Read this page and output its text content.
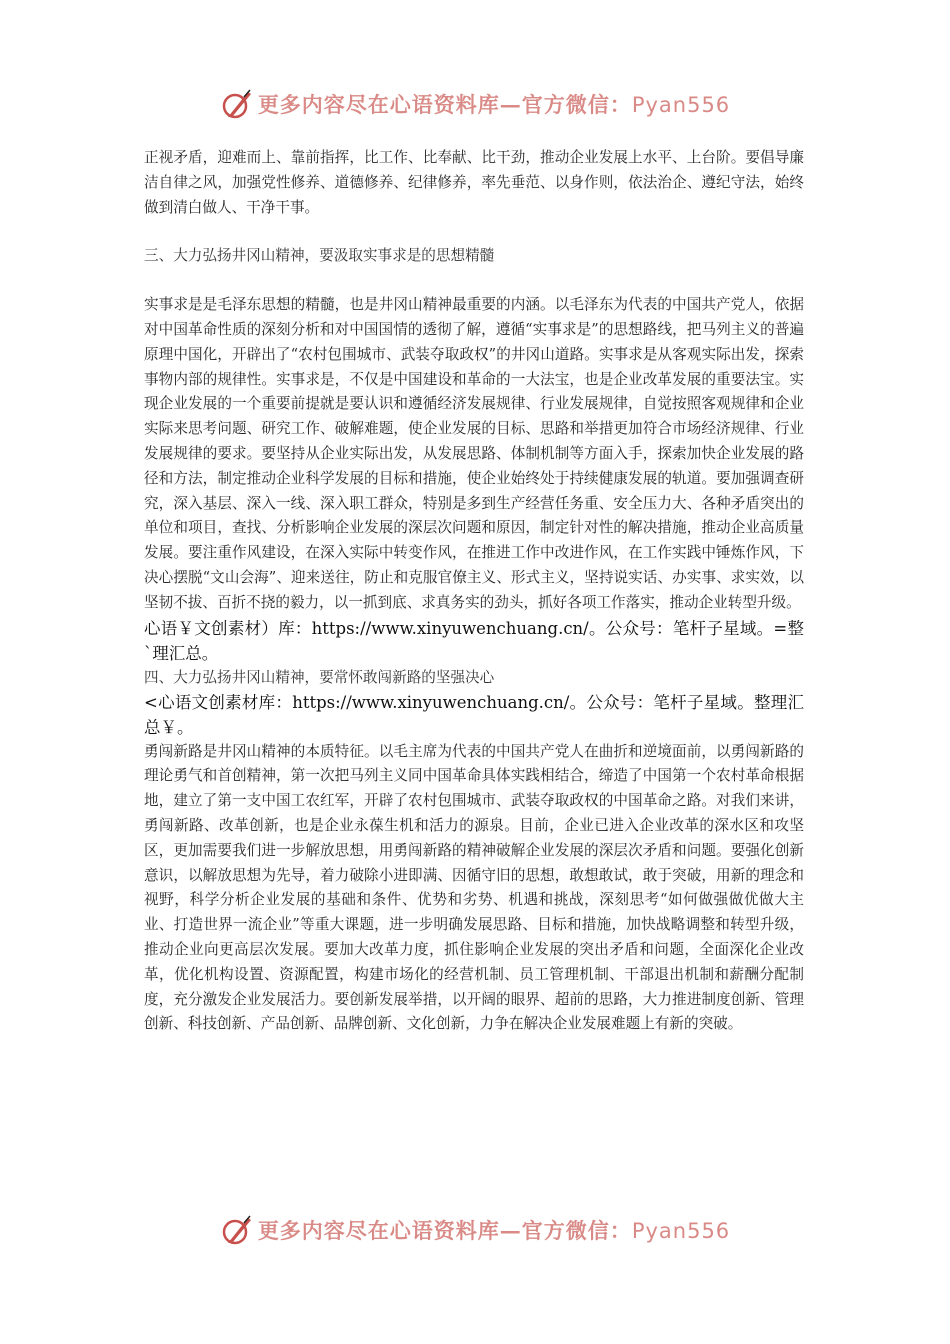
更多内容尽在心语资料库—官方微信：Pyan556

正视矛盾，迎难而上、靠前指挥，比工作、比奉献、比干劲，推动企业发展上水平、上台阶。要倡导廉洁自律之风，加强党性修养、道德修养、纪律修养，率先垂范、以身作则，依法治企、遵纪守法，始终做到清白做人、干净干事。

三、大力弘扬井冈山精神，要汲取实事求是的思想精髓

实事求是是毛泽东思想的精髓，也是井冈山精神最重要的内涵。以毛泽东为代表的中国共产党人，依据对中国革命性质的深刻分析和对中国国情的透彻了解，遵循“实事求是”的思想路线，把马列主义的普遍原理中国化，开辟出了“农村包围城市、武装夺取政权”的井冈山道路。实事求是从客观实际出发，探索事物内部的规律性。实事求是，不仅是中国建设和革命的一大法宝，也是企业改革发展的重要法宝。实现企业发展的一个重要前提就是要认识和遵循经济发展规律、行业发展规律，自觉按照客观规律和企业实际来思考问题、研究工作、破解难题，使企业发展的目标、思路和举措更加符合市场经济规律、行业发展规律的要求。要坚持从企业实际出发，从发展思路、体制机制等方面入手，探索加快企业发展的路径和方法，制定推动企业科学发展的目标和措施，使企业始终处于持续健康发展的轨道。要加强调查研究，深入基层、深入一线、深入职工群众，特别是多到生产经营任务重、安全压力大、各种矛盾突出的单位和项目，查找、分析影响企业发展的深层次问题和原因，制定针对性的解决措施，推动企业高质量发展。要注重作风建设，在深入实际中转变作风，在推进工作中改进作风，在工作实践中锤炼作风，下决心摆脱“文山会海”、迎来送往，防止和克服官僚主义、形式主义，坚持说实话、办实事、求实效，以坚韧不拔、百折不挠的毅力，以一抓到底、求真务实的劲头，抓好各项工作落实，推动企业转型升级。

心语￥文创素材）库：https://www.xinyuwenchuang.cn/。公众号：笔杆子星域。=整`理汇总。

四、大力弘扬井冈山精神，要常怀敢闯新路的坚强决心

<心语文创素材库：https://www.xinyuwenchuang.cn/。公众号：笔杆子星域。整理汇总￥。

勇闯新路是井冈山精神的本质特征。以毛主席为代表的中国共产党人在曲折和逆境面前，以勇闯新路的理论勇气和首创精神，第一次把马列主义同中国革命具体实践相结合，缔造了中国第一个农村革命根据地，建立了第一支中国工农红军，开辟了农村包围城市、武装夺取政权的中国革命之路。对我们来讲，勇闯新路、改革创新，也是企业永葆生机和活力的源泉。目前，企业已进入企业改革的深水区和攻坚区，更加需要我们进一步解放思想，用勇闯新路的精神破解企业发展的深层次矛盾和问题。要强化创新意识，以解放思想为先导，着力破除小进即满、因循守旧的思想，敢想敢试，敢于突破，用新的理念和视野，科学分析企业发展的基础和条件、优势和劣势、机遇和挑战，深刻思考“如何做强做优做大主业、打造世界一流企业”等重大课题，进一步明确发展思路、目标和措施，加快战略调整和转型升级，推动企业向更高层次发展。要加大改革力度，抓住影响企业发展的突出矛盾和问题，全面深化企业改革，优化机构设置、资源配置，构建市场化的经营机制、员工管理机制、干部退出机制和薪酬分配制度，充分激发企业发展活力。要创新发展举措，以开阔的眼界、超前的思路，大力推进制度创新、管理创新、科技创新、产品创新、品牌创新、文化创新，力争在解决企业发展难题上有新的突破。

更多内容尽在心语资料库—官方微信：Pyan556
